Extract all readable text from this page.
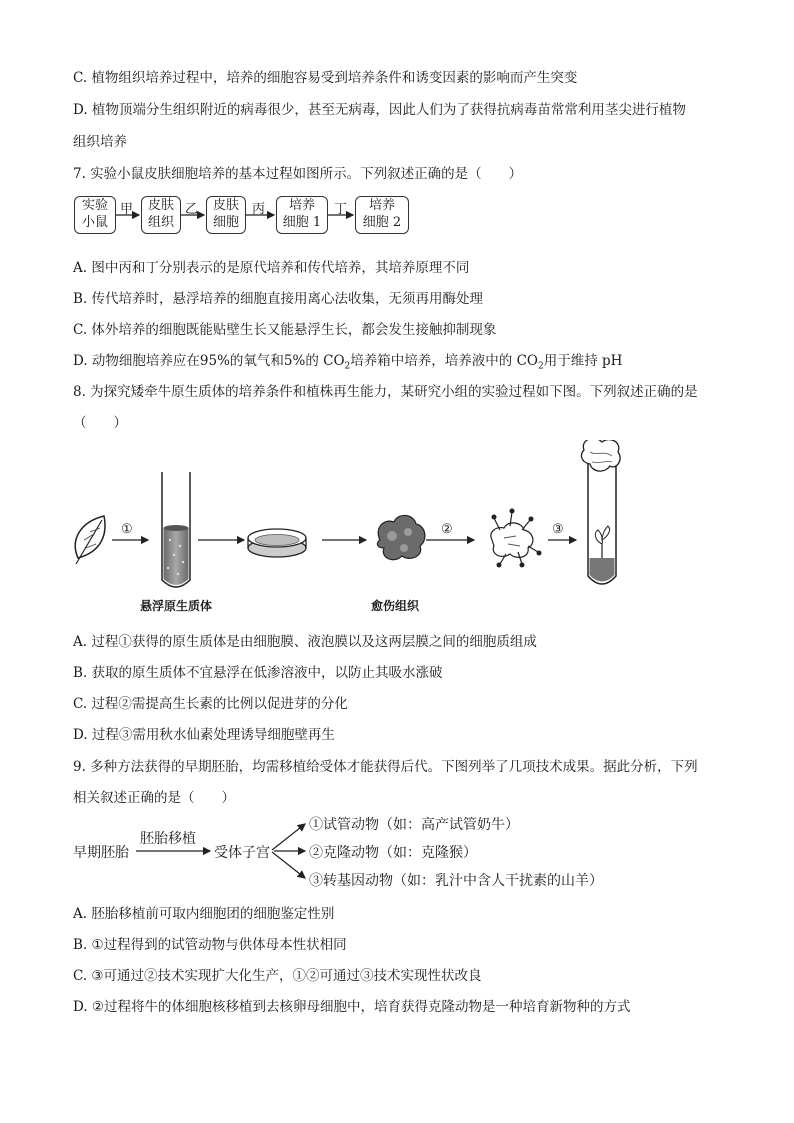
C. 植物组织培养过程中，培养的细胞容易受到培养条件和诱变因素的影响而产生突变
D. 植物顶端分生组织附近的病毒很少，甚至无病毒，因此人们为了获得抗病毒苗常常利用茎尖进行植物
组织培养
7. 实验小鼠皮肤细胞培养的基本过程如图所示。下列叙述正确的是（　　）
实验
小鼠
皮肤
组织
皮肤
细胞
培养
细胞 1
培养
细胞 2
甲	乙	丙	丁
A. 图中丙和丁分别表示的是原代培养和传代培养，其培养原理不同
B. 传代培养时，悬浮培养的细胞直接用离心法收集，无须再用酶处理
C. 体外培养的细胞既能贴壁生长又能悬浮生长，都会发生接触抑制现象
D. 动物细胞培养应在95%的氧气和5%的 $CO_2$培养箱中培养，培养液中的 $CO_2$用于维持 pH
8. 为探究矮牵牛原生质体的培养条件和植株再生能力，某研究小组的实验过程如下图。下列叙述正确的是
（　　）
①	②	③
悬浮原生质体	愈伤组织
A. 过程①获得的原生质体是由细胞膜、液泡膜以及这两层膜之间的细胞质组成
B. 获取的原生质体不宜悬浮在低渗溶液中，以防止其吸水涨破
C. 过程②需提高生长素的比例以促进芽的分化
D. 过程③需用秋水仙素处理诱导细胞壁再生
9. 多种方法获得的早期胚胎，均需移植给受体才能获得后代。下图列举了几项技术成果。据此分析，下列
相关叙述正确的是（　　）
早期胚胎
胚胎移植
受体子宫
①试管动物（如：高产试管奶牛）
②克隆动物（如：克隆猴）
③转基因动物（如：乳汁中含人干扰素的山羊）
A. 胚胎移植前可取内细胞团的细胞鉴定性别
B. ①过程得到的试管动物与供体母本性状相同
C. ③可通过②技术实现扩大化生产，①②可通过③技术实现性状改良
D. ②过程将牛的体细胞核移植到去核卵母细胞中，培育获得克隆动物是一种培育新物种的方式
